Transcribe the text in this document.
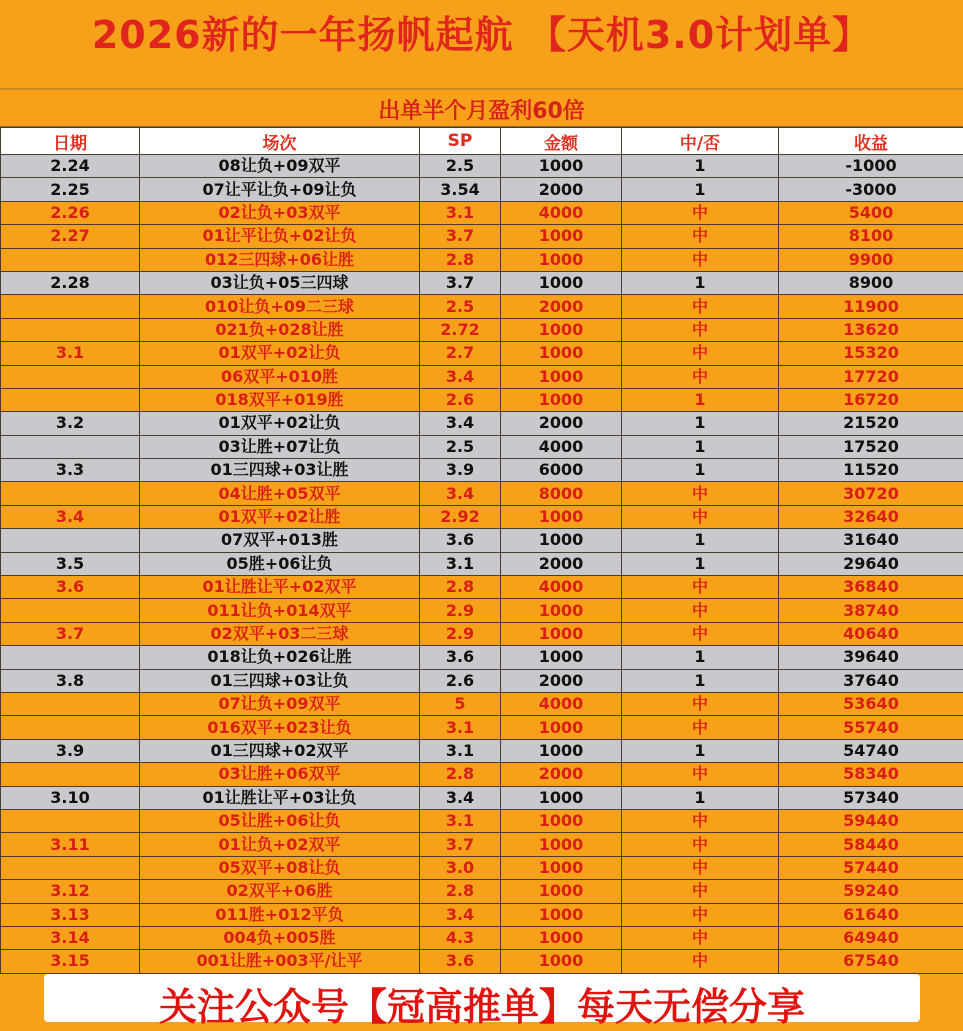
2026新的一年扬帆起航 【天机3.0计划单】
出单半个月盈利60倍
日期	场次	SP	金额	中/否	收益
2.24	08让负+09双平	2.5	1000	1	-1000
2.25	07让平让负+09让负	3.54	2000	1	-3000
2.26	02让负+03双平	3.1	4000	中	5400
2.27	01让平让负+02让负	3.7	1000	中	8100
	012三四球+06让胜	2.8	1000	中	9900
2.28	03让负+05三四球	3.7	1000	1	8900
	010让负+09二三球	2.5	2000	中	11900
	021负+028让胜	2.72	1000	中	13620
3.1	01双平+02让负	2.7	1000	中	15320
	06双平+010胜	3.4	1000	中	17720
	018双平+019胜	2.6	1000	1	16720
3.2	01双平+02让负	3.4	2000	1	21520
	03让胜+07让负	2.5	4000	1	17520
3.3	01三四球+03让胜	3.9	6000	1	11520
	04让胜+05双平	3.4	8000	中	30720
3.4	01双平+02让胜	2.92	1000	中	32640
	07双平+013胜	3.6	1000	1	31640
3.5	05胜+06让负	3.1	2000	1	29640
3.6	01让胜让平+02双平	2.8	4000	中	36840
	011让负+014双平	2.9	1000	中	38740
3.7	02双平+03二三球	2.9	1000	中	40640
	018让负+026让胜	3.6	1000	1	39640
3.8	01三四球+03让负	2.6	2000	1	37640
	07让负+09双平	5	4000	中	53640
	016双平+023让负	3.1	1000	中	55740
3.9	01三四球+02双平	3.1	1000	1	54740
	03让胜+06双平	2.8	2000	中	58340
3.10	01让胜让平+03让负	3.4	1000	1	57340
	05让胜+06让负	3.1	1000	中	59440
3.11	01让负+02双平	3.7	1000	中	58440
	05双平+08让负	3.0	1000	中	57440
3.12	02双平+06胜	2.8	1000	中	59240
3.13	011胜+012平负	3.4	1000	中	61640
3.14	004负+005胜	4.3	1000	中	64940
3.15	001让胜+003平/让平	3.6	1000	中	67540
关注公众号【冠高推单】每天无偿分享
